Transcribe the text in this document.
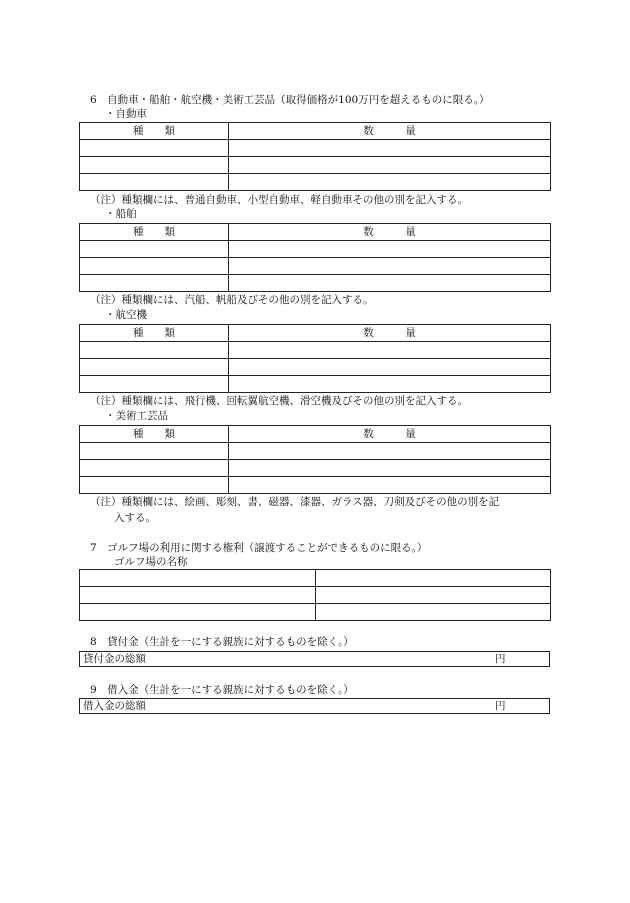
6　自動車・船舶・航空機・美術工芸品（取得価格が100万円を超えるものに限る。）
・自動車
種　　類	数　　　量

（注）種類欄には、普通自動車、小型自動車、軽自動車その他の別を記入する。
・船舶
種　　類	数　　　量

（注）種類欄には、汽船、帆船及びその他の別を記入する。
・航空機
種　　類	数　　　量

（注）種類欄には、飛行機、回転翼航空機、滑空機及びその他の別を記入する。
・美術工芸品
種　　類	数　　　量

（注）種類欄には、絵画、彫刻、書、磁器、漆器、ガラス器、刀剣及びその他の別を記
入する。
7　ゴルフ場の利用に関する権利（譲渡することができるものに限る。）
ゴルフ場の名称

8　貸付金（生計を一にする親族に対するものを除く。）
貸付金の総額	円
9　借入金（生計を一にする親族に対するものを除く。）
借入金の総額	円
